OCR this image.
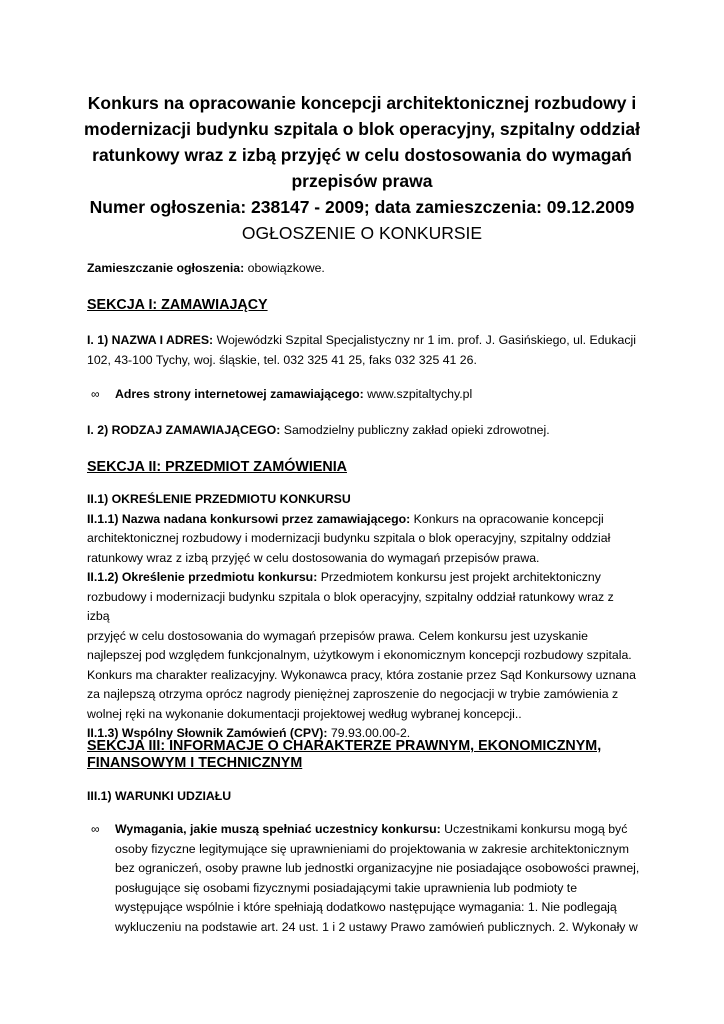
Konkurs na opracowanie koncepcji architektonicznej rozbudowy i
modernizacji budynku szpitala o blok operacyjny, szpitalny oddział
ratunkowy wraz z izbą przyjęć w celu dostosowania do wymagań
przepisów prawa
Numer ogłoszenia: 238147 - 2009; data zamieszczenia: 09.12.2009
OGŁOSZENIE O KONKURSIE
Zamieszczanie ogłoszenia: obowiązkowe.
SEKCJA I: ZAMAWIAJĄCY
I. 1) NAZWA I ADRES: Wojewódzki Szpital Specjalistyczny nr 1 im. prof. J. Gasińskiego, ul. Edukacji
102, 43-100 Tychy, woj. śląskie, tel. 032 325 41 25, faks 032 325 41 26.
∞ Adres strony internetowej zamawiającego: www.szpitaltychy.pl
I. 2) RODZAJ ZAMAWIAJĄCEGO: Samodzielny publiczny zakład opieki zdrowotnej.
SEKCJA II: PRZEDMIOT ZAMÓWIENIA
II.1) OKREŚLENIE PRZEDMIOTU KONKURSU
II.1.1) Nazwa nadana konkursowi przez zamawiającego: Konkurs na opracowanie koncepcji
architektonicznej rozbudowy i modernizacji budynku szpitala o blok operacyjny, szpitalny oddział
ratunkowy wraz z izbą przyjęć w celu dostosowania do wymagań przepisów prawa.
II.1.2) Określenie przedmiotu konkursu: Przedmiotem konkursu jest projekt architektoniczny
rozbudowy i modernizacji budynku szpitala o blok operacyjny, szpitalny oddział ratunkowy wraz z izbą
przyjęć w celu dostosowania do wymagań przepisów prawa. Celem konkursu jest uzyskanie
najlepszej pod względem funkcjonalnym, użytkowym i ekonomicznym koncepcji rozbudowy szpitala.
Konkurs ma charakter realizacyjny. Wykonawca pracy, która zostanie przez Sąd Konkursowy uznana
za najlepszą otrzyma oprócz nagrody pieniężnej zaproszenie do negocjacji w trybie zamówienia z
wolnej ręki na wykonanie dokumentacji projektowej według wybranej koncepcji..
II.1.3) Wspólny Słownik Zamówień (CPV): 79.93.00.00-2.
SEKCJA III: INFORMACJE O CHARAKTERZE PRAWNYM, EKONOMICZNYM,
FINANSOWYM I TECHNICZNYM
III.1) WARUNKI UDZIAŁU
∞ Wymagania, jakie muszą spełniać uczestnicy konkursu: Uczestnikami konkursu mogą być
osoby fizyczne legitymujące się uprawnieniami do projektowania w zakresie architektonicznym
bez ograniczeń, osoby prawne lub jednostki organizacyjne nie posiadające osobowości prawnej,
posługujące się osobami fizycznymi posiadającymi takie uprawnienia lub podmioty te
występujące wspólnie i które spełniają dodatkowo następujące wymagania: 1. Nie podlegają
wykluczeniu na podstawie art. 24 ust. 1 i 2 ustawy Prawo zamówień publicznych. 2. Wykonały w
